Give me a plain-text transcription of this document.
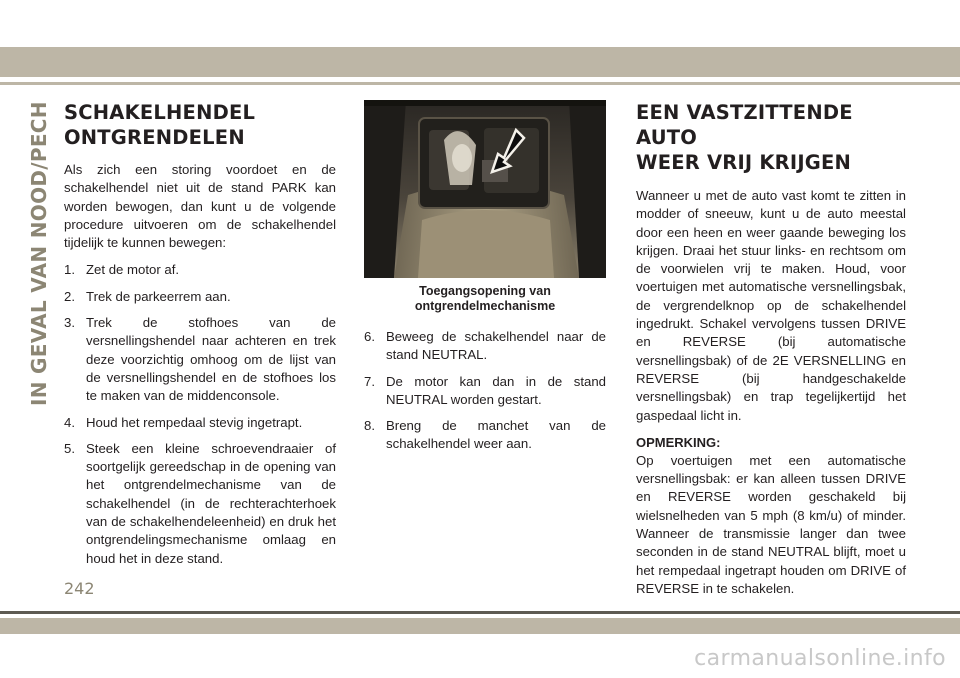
IN GEVAL VAN NOOD/PECH SCHAKELHENDEL
ONTGRENDELEN

Als zich een storing voordoet en de schakelhendel niet uit de stand PARK kan worden bewogen, dan kunt u de volgende procedure uitvoeren om de schakelhendel tijdelijk te kunnen bewegen:

1. Zet de motor af.
2. Trek de parkeerrem aan.
3. Trek de stofhoes van de versnellingshendel naar achteren en trek deze voorzichtig omhoog om de lijst van de versnellingshendel en de stofhoes los te maken van de middenconsole.
4. Houd het rempedaal stevig ingetrapt.
5. Steek een kleine schroevendraaier of soortgelijk gereedschap in de opening van het ontgrendelmechanisme van de schakelhendel (in de rechterachterhoek van de schakelhendeleenheid) en druk het ontgrendelingsmechanisme omlaag en houd het in deze stand.
Toegangsopening van
ontgrendelmechanisme
6. Beweeg de schakelhendel naar de stand NEUTRAL.
7. De motor kan dan in de stand NEUTRAL worden gestart.
8. Breng de manchet van de schakelhendel weer aan.
EEN VASTZITTENDE AUTO
WEER VRIJ KRIJGEN

Wanneer u met de auto vast komt te zitten in modder of sneeuw, kunt u de auto meestal door een heen en weer gaande beweging los krijgen. Draai het stuur links- en rechtsom om de voorwielen vrij te maken. Houd, voor voertuigen met automatische versnellingsbak, de vergrendelknop op de schakelhendel ingedrukt. Schakel vervolgens tussen DRIVE en REVERSE (bij automatische versnellingsbak) of de 2E VERSNELLING en REVERSE (bij handgeschakelde versnellingsbak) en trap tegelijkertijd het gaspedaal licht in.

OPMERKING:

Op voertuigen met een automatische versnellingsbak: er kan alleen tussen DRIVE en REVERSE worden geschakeld bij wielsnelheden van 5 mph (8 km/u) of minder. Wanneer de transmissie langer dan twee seconden in de stand NEUTRAL blijft, moet u het rempedaal ingetrapt houden om DRIVE of REVERSE in te schakelen.

242
carmanualsonline.info
